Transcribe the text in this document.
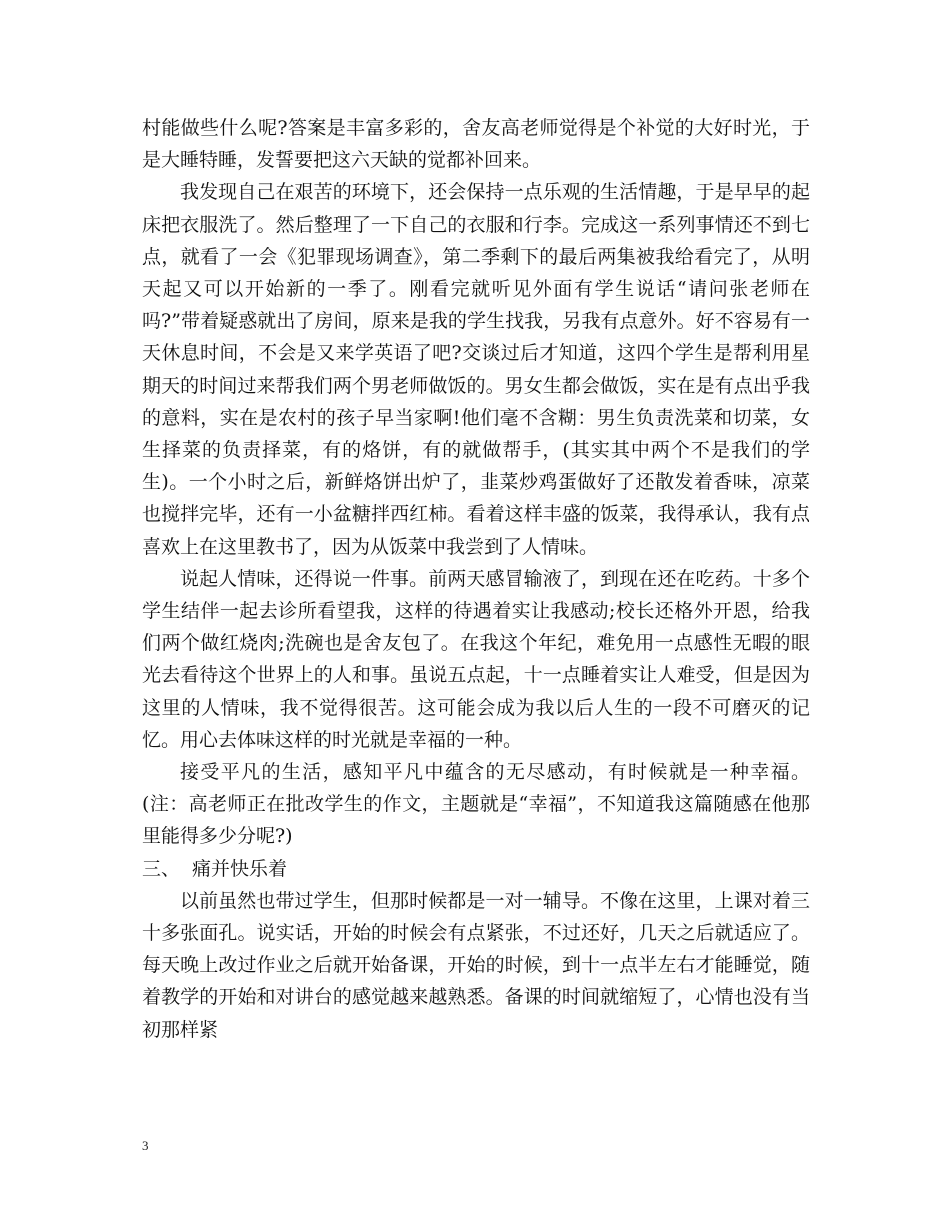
村能做些什么呢?答案是丰富多彩的，舍友高老师觉得是个补觉的大好时光，于是大睡特睡，发誓要把这六天缺的觉都补回来。

我发现自己在艰苦的环境下，还会保持一点乐观的生活情趣，于是早早的起床把衣服洗了。然后整理了一下自己的衣服和行李。完成这一系列事情还不到七点，就看了一会《犯罪现场调查》，第二季剩下的最后两集被我给看完了，从明天起又可以开始新的一季了。刚看完就听见外面有学生说话“请问张老师在吗?”带着疑惑就出了房间，原来是我的学生找我，另我有点意外。好不容易有一天休息时间，不会是又来学英语了吧?交谈过后才知道，这四个学生是帮利用星期天的时间过来帮我们两个男老师做饭的。男女生都会做饭，实在是有点出乎我的意料，实在是农村的孩子早当家啊!他们毫不含糊：男生负责洗菜和切菜，女生择菜的负责择菜，有的烙饼，有的就做帮手，(其实其中两个不是我们的学生)。一个小时之后，新鲜烙饼出炉了，韭菜炒鸡蛋做好了还散发着香味，凉菜也搅拌完毕，还有一小盆糖拌西红柿。看着这样丰盛的饭菜，我得承认，我有点喜欢上在这里教书了，因为从饭菜中我尝到了人情味。

说起人情味，还得说一件事。前两天感冒输液了，到现在还在吃药。十多个学生结伴一起去诊所看望我，这样的待遇着实让我感动;校长还格外开恩，给我们两个做红烧肉;洗碗也是舍友包了。在我这个年纪，难免用一点感性无暇的眼光去看待这个世界上的人和事。虽说五点起，十一点睡着实让人难受，但是因为这里的人情味，我不觉得很苦。这可能会成为我以后人生的一段不可磨灭的记忆。用心去体味这样的时光就是幸福的一种。

接受平凡的生活，感知平凡中蕴含的无尽感动，有时候就是一种幸福。(注：高老师正在批改学生的作文，主题就是“幸福”，不知道我这篇随感在他那里能得多少分呢?)

三、 痛并快乐着

以前虽然也带过学生，但那时候都是一对一辅导。不像在这里，上课对着三十多张面孔。说实话，开始的时候会有点紧张，不过还好，几天之后就适应了。每天晚上改过作业之后就开始备课，开始的时候，到十一点半左右才能睡觉，随着教学的开始和对讲台的感觉越来越熟悉。备课的时间就缩短了，心情也没有当初那样紧

3
